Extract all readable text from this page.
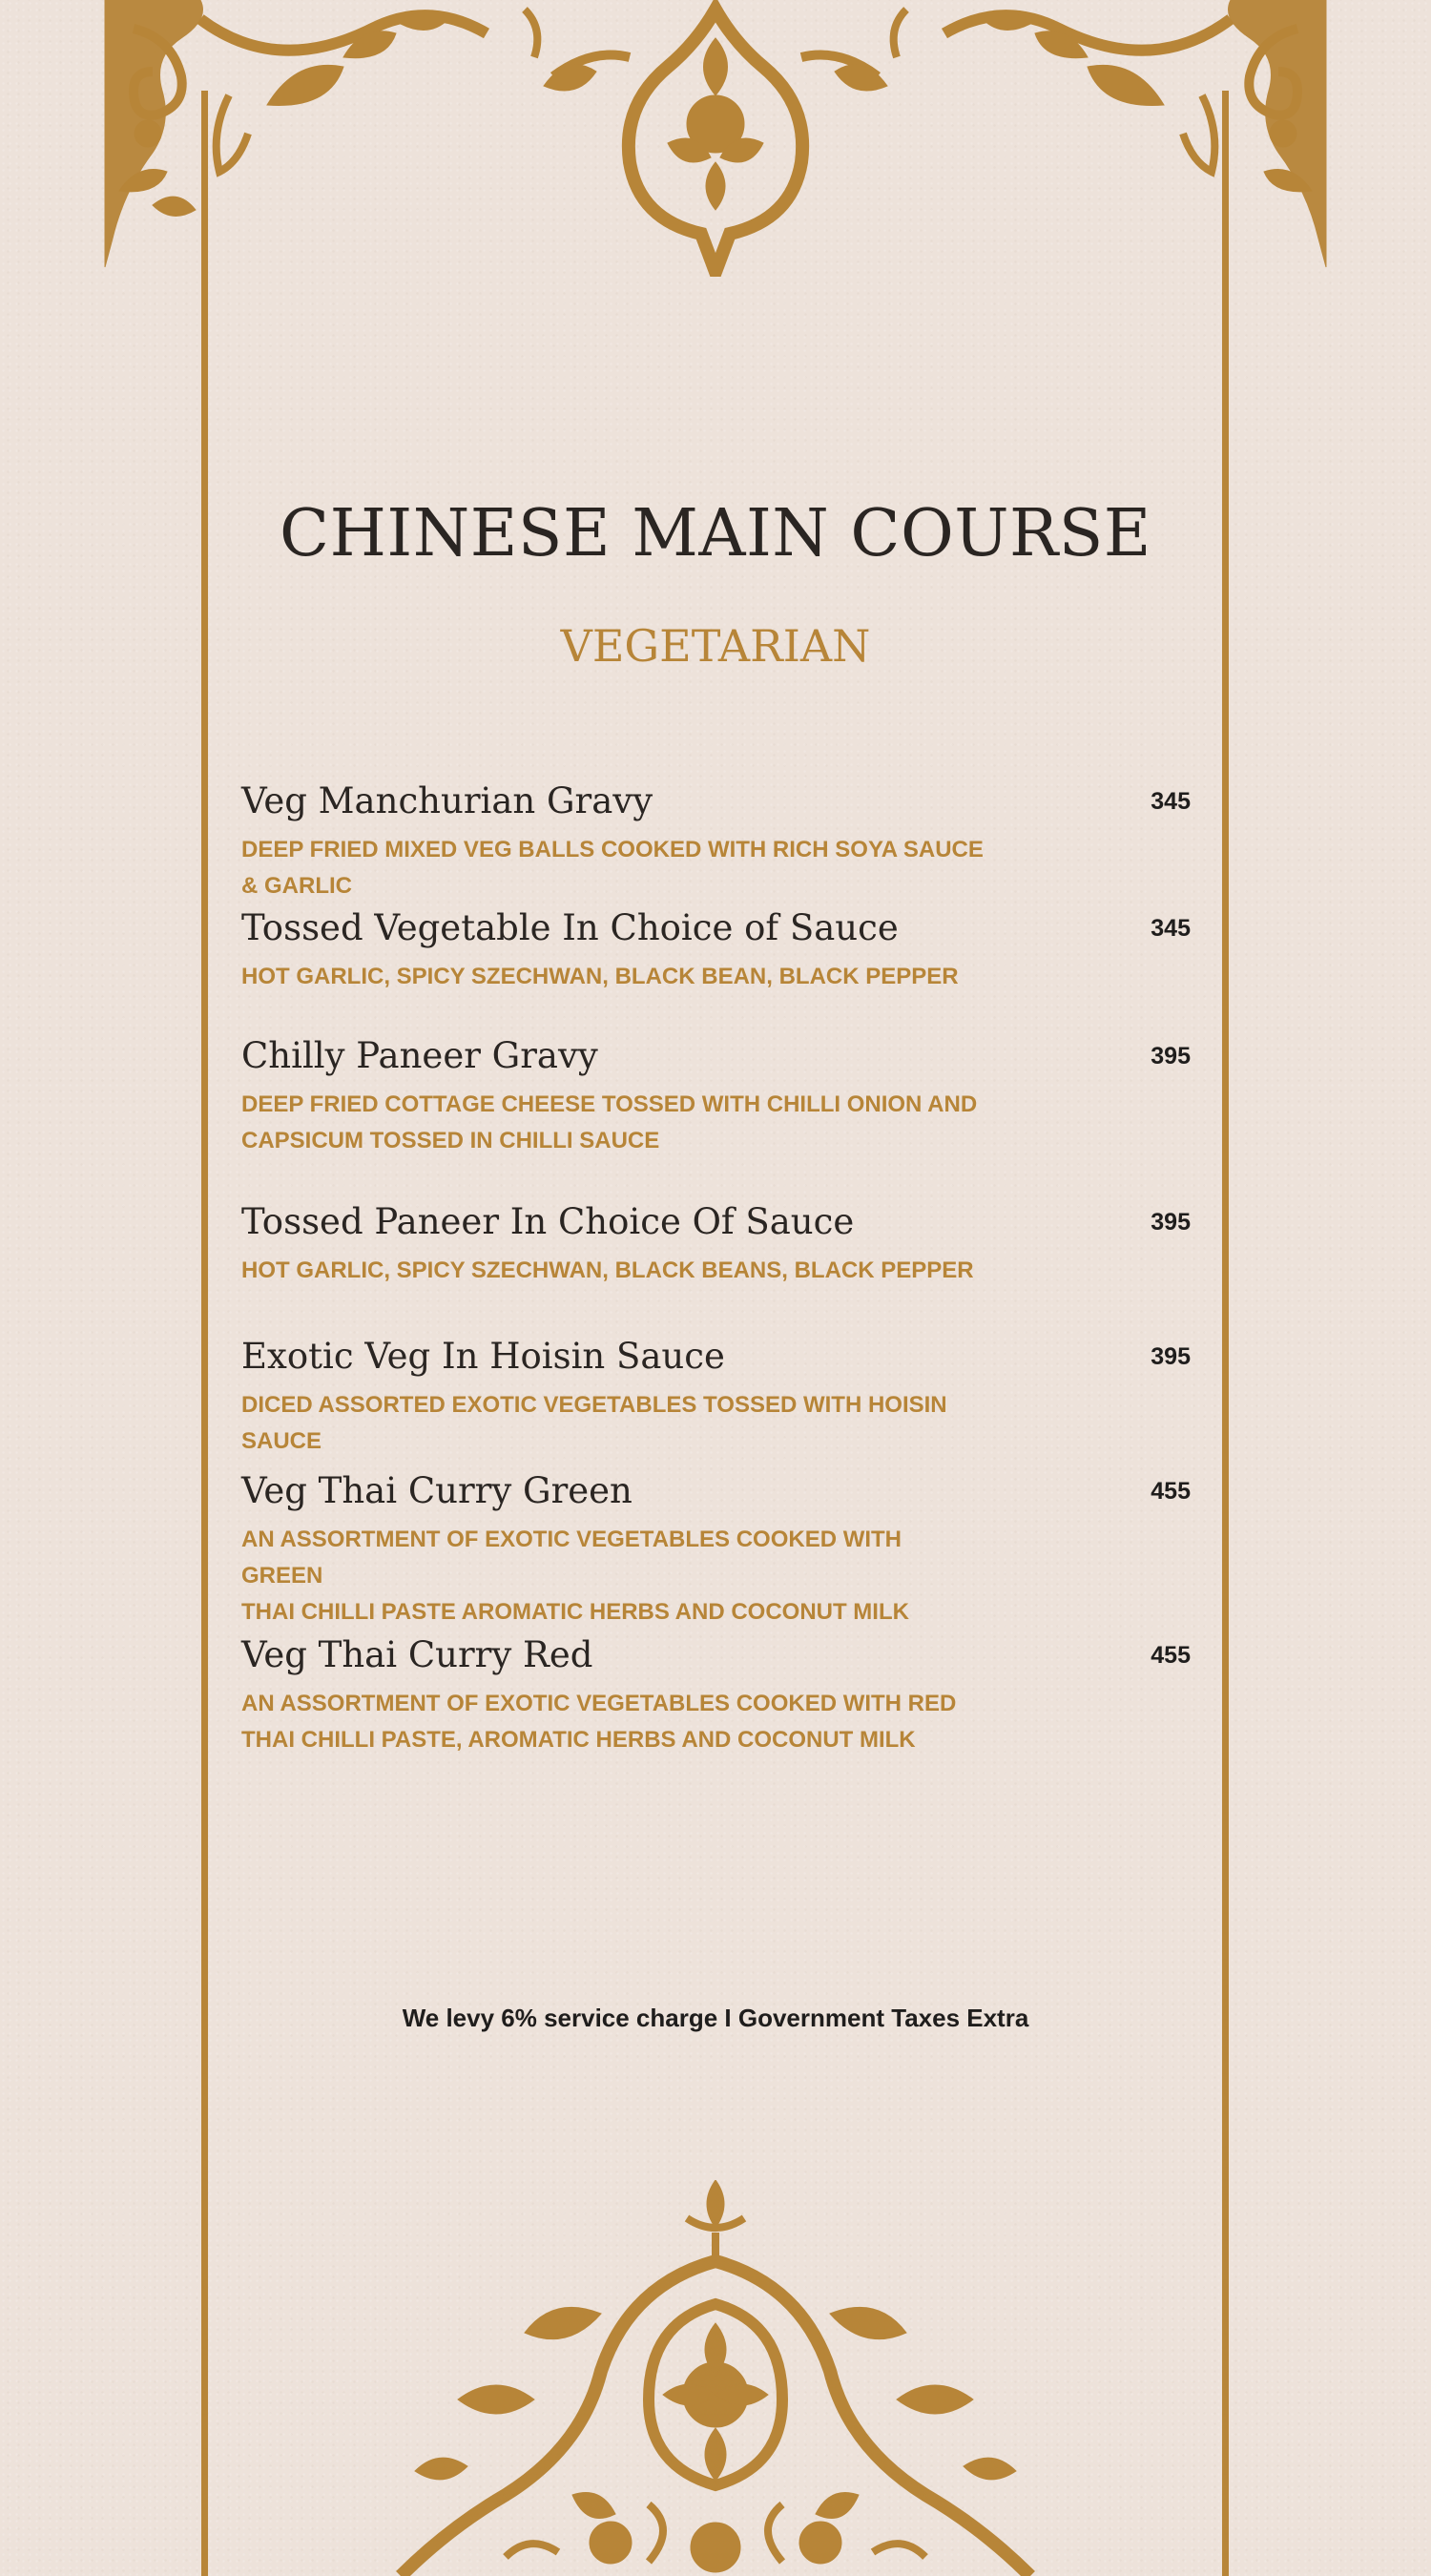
CHINESE MAIN COURSE
VEGETARIAN
Veg Manchurian Gravy	345
DEEP FRIED MIXED VEG BALLS COOKED WITH RICH SOYA SAUCE & GARLIC
Tossed Vegetable In Choice of Sauce	345
HOT GARLIC, SPICY SZECHWAN, BLACK BEAN, BLACK PEPPER
Chilly Paneer Gravy	395
DEEP FRIED COTTAGE CHEESE TOSSED WITH CHILLI ONION AND
CAPSICUM TOSSED IN CHILLI SAUCE
Tossed Paneer In Choice Of Sauce	395
HOT GARLIC, SPICY SZECHWAN, BLACK BEANS, BLACK PEPPER
Exotic Veg In Hoisin Sauce	395
DICED ASSORTED EXOTIC VEGETABLES TOSSED WITH HOISIN SAUCE
Veg Thai Curry Green	455
AN ASSORTMENT OF EXOTIC VEGETABLES COOKED WITH GREEN
THAI CHILLI PASTE AROMATIC HERBS AND COCONUT MILK
Veg Thai Curry Red	455
AN ASSORTMENT OF EXOTIC VEGETABLES COOKED WITH RED
THAI CHILLI PASTE, AROMATIC HERBS AND COCONUT MILK
We levy 6% service charge I Government Taxes Extra
